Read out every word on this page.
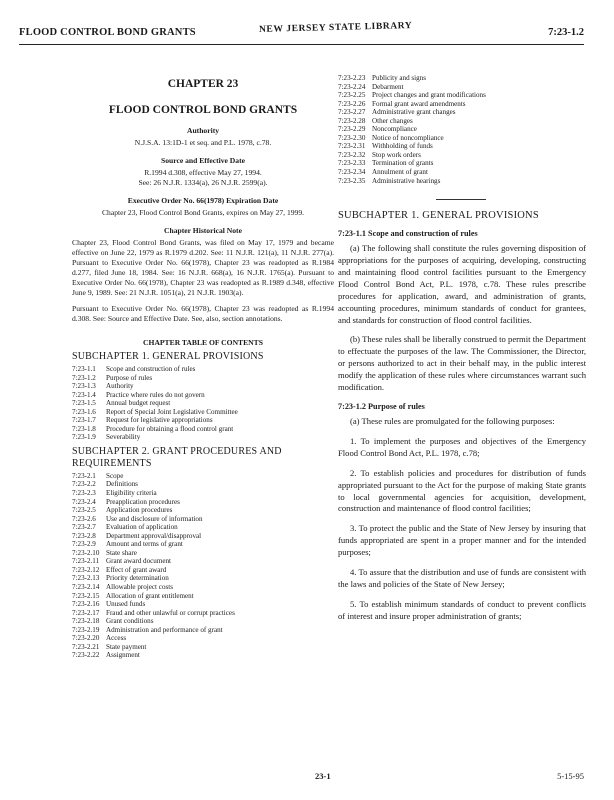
FLOOD CONTROL BOND GRANTS	NEW JERSEY STATE LIBRARY	7:23-1.2
CHAPTER 23
FLOOD CONTROL BOND GRANTS
Authority
N.J.S.A. 13:1D-1 et seq. and P.L. 1978, c.78.
Source and Effective Date
R.1994 d.308, effective May 27, 1994.
See: 26 N.J.R. 1334(a), 26 N.J.R. 2599(a).
Executive Order No. 66(1978) Expiration Date
Chapter 23, Flood Control Bond Grants, expires on May 27, 1999.
Chapter Historical Note
Chapter 23, Flood Control Bond Grants, was filed on May 17, 1979 and became effective on June 22, 1979 as R.1979 d.202. See: 11 N.J.R. 121(a), 11 N.J.R. 277(a). Pursuant to Executive Order No. 66(1978), Chapter 23 was readopted as R.1984 d.277, filed June 18, 1984. See: 16 N.J.R. 668(a), 16 N.J.R. 1765(a). Pursuant to Executive Order No. 66(1978), Chapter 23 was readopted as R.1989 d.348, effective June 9, 1989. See: 21 N.J.R. 1051(a), 21 N.J.R. 1903(a).
Pursuant to Executive Order No. 66(1978), Chapter 23 was readopted as R.1994 d.308. See: Source and Effective Date. See, also, section annotations.
CHAPTER TABLE OF CONTENTS
SUBCHAPTER 1. GENERAL PROVISIONS
7:23-1.1	Scope and construction of rules
7:23-1.2	Purpose of rules
7:23-1.3	Authority
7:23-1.4	Practice where rules do not govern
7:23-1.5	Annual budget request
7:23-1.6	Report of Special Joint Legislative Committee
7:23-1.7	Request for legislative appropriations
7:23-1.8	Procedure for obtaining a flood control grant
7:23-1.9	Severability
SUBCHAPTER 2. GRANT PROCEDURES AND REQUIREMENTS
7:23-2.1	Scope
7:23-2.2	Definitions
7:23-2.3	Eligibility criteria
7:23-2.4	Preapplication procedures
7:23-2.5	Application procedures
7:23-2.6	Use and disclosure of information
7:23-2.7	Evaluation of application
7:23-2.8	Department approval/disapproval
7:23-2.9	Amount and terms of grant
7:23-2.10 State share
7:23-2.11 Grant award document
7:23-2.12 Effect of grant award
7:23-2.13 Priority determination
7:23-2.14 Allowable project costs
7:23-2.15 Allocation of grant entitlement
7:23-2.16 Unused funds
7:23-2.17 Fraud and other unlawful or corrupt practices
7:23-2.18 Grant conditions
7:23-2.19 Administration and performance of grant
7:23-2.20 Access
7:23-2.21 State payment
7:23-2.22 Assignment
7:23-2.23 Publicity and signs
7:23-2.24 Debarment
7:23-2.25 Project changes and grant modifications
7:23-2.26 Formal grant award amendments
7:23-2.27 Administrative grant changes
7:23-2.28 Other changes
7:23-2.29 Noncompliance
7:23-2.30 Notice of noncompliance
7:23-2.31 Withholding of funds
7:23-2.32 Stop work orders
7:23-2.33 Termination of grants
7:23-2.34 Annulment of grant
7:23-2.35 Administrative hearings
SUBCHAPTER 1. GENERAL PROVISIONS
7:23-1.1 Scope and construction of rules
(a) The following shall constitute the rules governing disposition of appropriations for the purposes of acquiring, developing, constructing and maintaining flood control facilities pursuant to the Emergency Flood Control Bond Act, P.L. 1978, c.78. These rules prescribe procedures for application, award, and administration of grants, accounting procedures, minimum standards of conduct for grantees, and standards for construction of flood control facilities.
(b) These rules shall be liberally construed to permit the Department to effectuate the purposes of the law. The Commissioner, the Director, or persons authorized to act in their behalf may, in the public interest modify the application of these rules where circumstances warrant such modification.
7:23-1.2 Purpose of rules
(a) These rules are promulgated for the following purposes:
1. To implement the purposes and objectives of the Emergency Flood Control Bond Act, P.L. 1978, c.78;
2. To establish policies and procedures for distribution of funds appropriated pursuant to the Act for the purpose of making State grants to local governmental agencies for acquisition, development, construction and maintenance of flood control facilities;
3. To protect the public and the State of New Jersey by insuring that funds appropriated are spent in a proper manner and for the intended purposes;
4. To assure that the distribution and use of funds are consistent with the laws and policies of the State of New Jersey;
5. To establish minimum standards of conduct to prevent conflicts of interest and insure proper administration of grants;
23-1	5-15-95
